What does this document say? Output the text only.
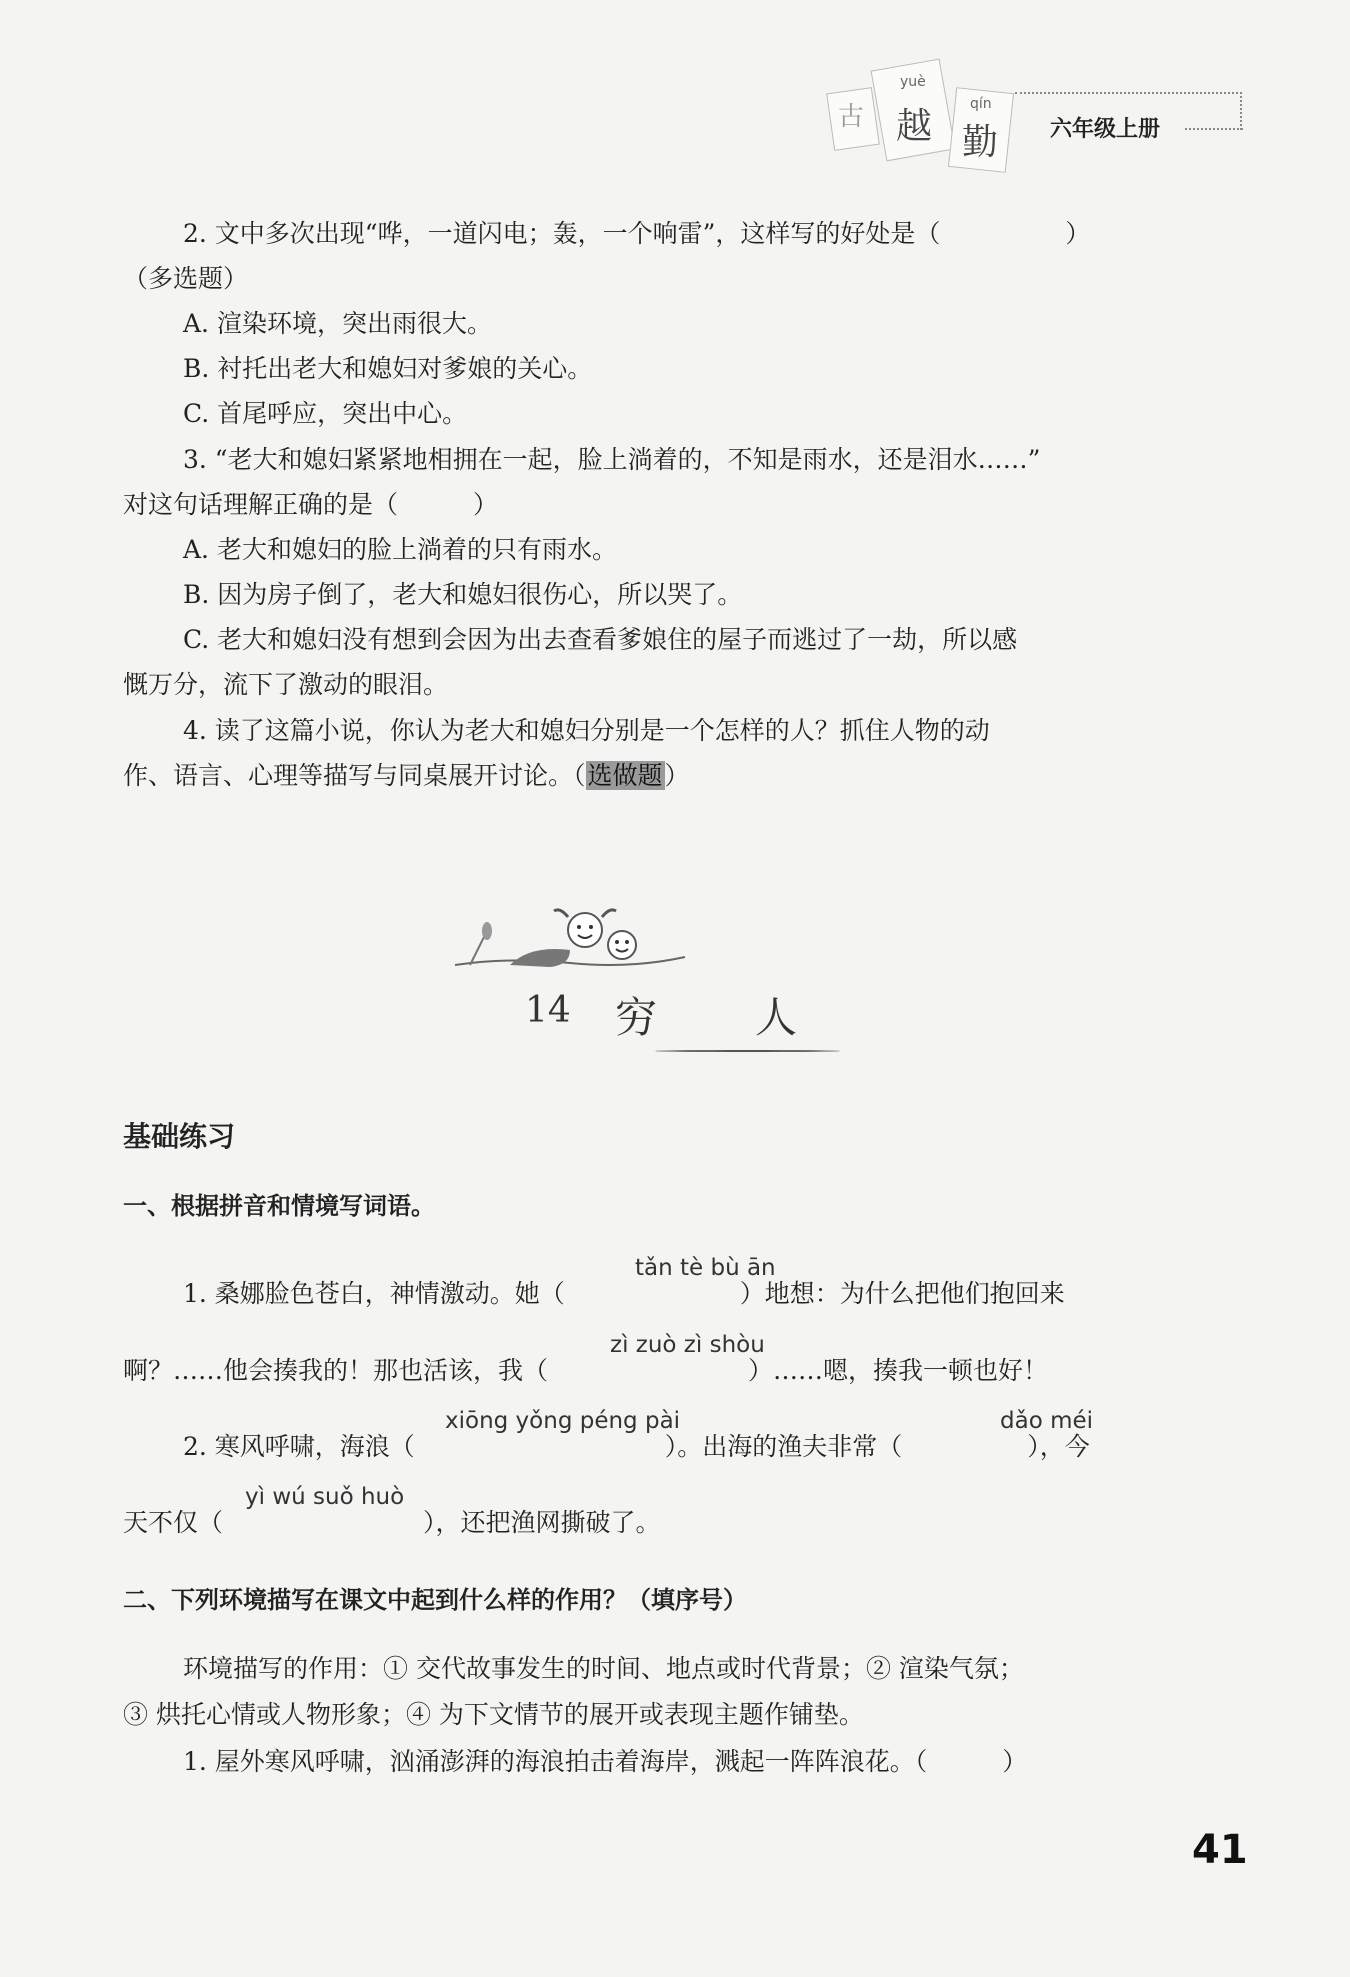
古
yuè
越
qín
勤 六年级上册
2. 文中多次出现“哗，一道闪电；轰，一个响雷”，这样写的好处是（　　　　　）
（多选题）
A. 渲染环境，突出雨很大。
B. 衬托出老大和媳妇对爹娘的关心。
C. 首尾呼应，突出中心。
3. “老大和媳妇紧紧地相拥在一起，脸上淌着的，不知是雨水，还是泪水……”
对这句话理解正确的是（　　　）
A. 老大和媳妇的脸上淌着的只有雨水。
B. 因为房子倒了，老大和媳妇很伤心，所以哭了。
C. 老大和媳妇没有想到会因为出去查看爹娘住的屋子而逃过了一劫，所以感
慨万分，流下了激动的眼泪。
4. 读了这篇小说，你认为老大和媳妇分别是一个怎样的人？抓住人物的动
作、语言、心理等描写与同桌展开讨论。（选做题）
14 穷 人
基础练习
一、根据拼音和情境写词语。
tǎn tè bù ān
zì zuò zì shòu
xiōng yǒng péng pài	dǎo méi
yì wú suǒ huò
1. 桑娜脸色苍白，神情激动。她（　　　　　　　）地想：为什么把他们抱回来
啊？……他会揍我的！那也活该，我（　　　　　　　　）……嗯，揍我一顿也好！
2. 寒风呼啸，海浪（　　　　　　　　　　）。出海的渔夫非常（　　　　　），今
天不仅（　　　　　　　　），还把渔网撕破了。
二、下列环境描写在课文中起到什么样的作用？（填序号）
环境描写的作用：① 交代故事发生的时间、地点或时代背景；② 渲染气氛；
③ 烘托心情或人物形象；④ 为下文情节的展开或表现主题作铺垫。
1. 屋外寒风呼啸，汹涌澎湃的海浪拍击着海岸，溅起一阵阵浪花。（　　　）
41
